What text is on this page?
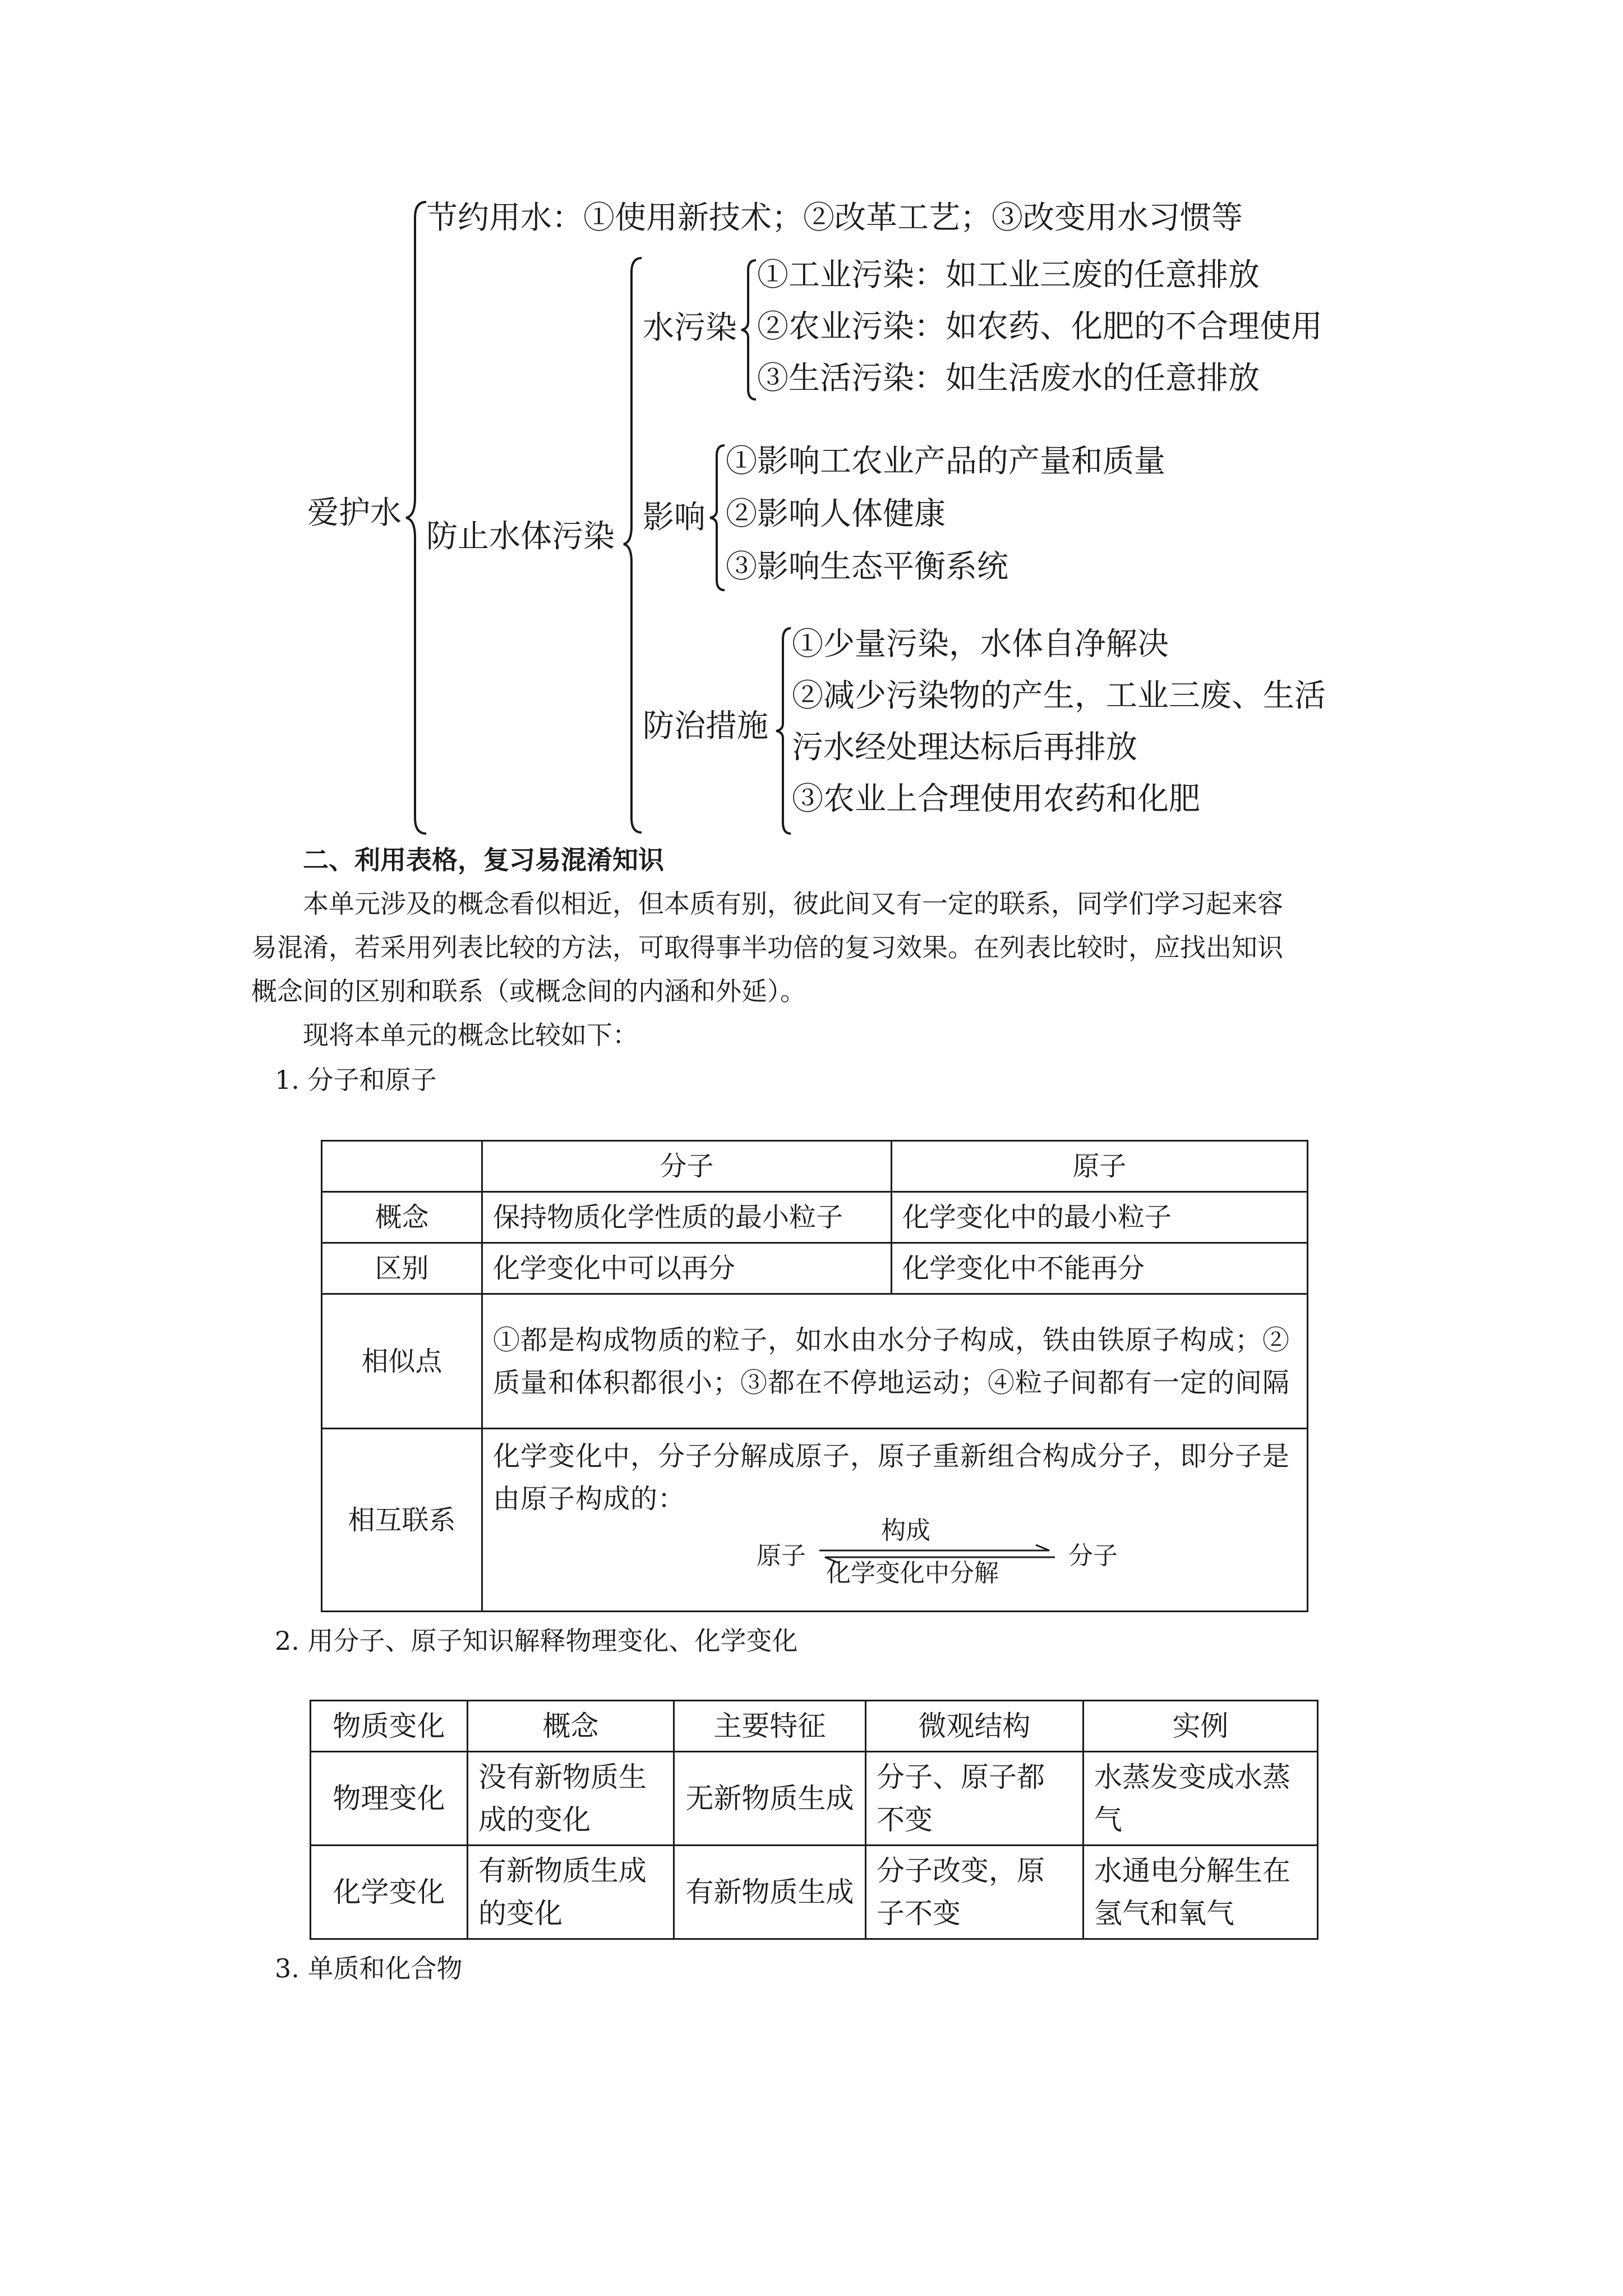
爱护水
节约用水：①使用新技术；②改革工艺；③改变用水习惯等
防止水体污染
水污染
①工业污染：如工业三废的任意排放
②农业污染：如农药、化肥的不合理使用
③生活污染：如生活废水的任意排放
影响
①影响工农业产品的产量和质量
②影响人体健康
③影响生态平衡系统
防治措施
①少量污染，水体自净解决
②减少污染物的产生，工业三废、生活
污水经处理达标后再排放
③农业上合理使用农药和化肥
二、利用表格，复习易混淆知识
本单元涉及的概念看似相近，但本质有别，彼此间又有一定的联系，同学们学习起来容
易混淆，若采用列表比较的方法，可取得事半功倍的复习效果。在列表比较时，应找出知识
概念间的区别和联系（或概念间的内涵和外延）。
现将本单元的概念比较如下：
1. 分子和原子
	分子	原子
概念	保持物质化学性质的最小粒子	化学变化中的最小粒子
区别	化学变化中可以再分	化学变化中不能再分
相似点	①都是构成物质的粒子，如水由水分子构成，铁由铁原子构成；②质量和体积都很小；③都在不停地运动；④粒子间都有一定的间隔	
相互联系	化学变化中，分子分解成原子，原子重新组合构成分子，即分子是由原子构成的：
原子
构成
化学变化中分解
分子	
2. 用分子、原子知识解释物理变化、化学变化
物质变化	概念	主要特征	微观结构	实例
物理变化	没有新物质生成的变化	无新物质生成	分子、原子都不变	水蒸发变成水蒸气
化学变化	有新物质生成的变化	有新物质生成	分子改变，原子不变	水通电分解生在氢气和氧气
3. 单质和化合物
